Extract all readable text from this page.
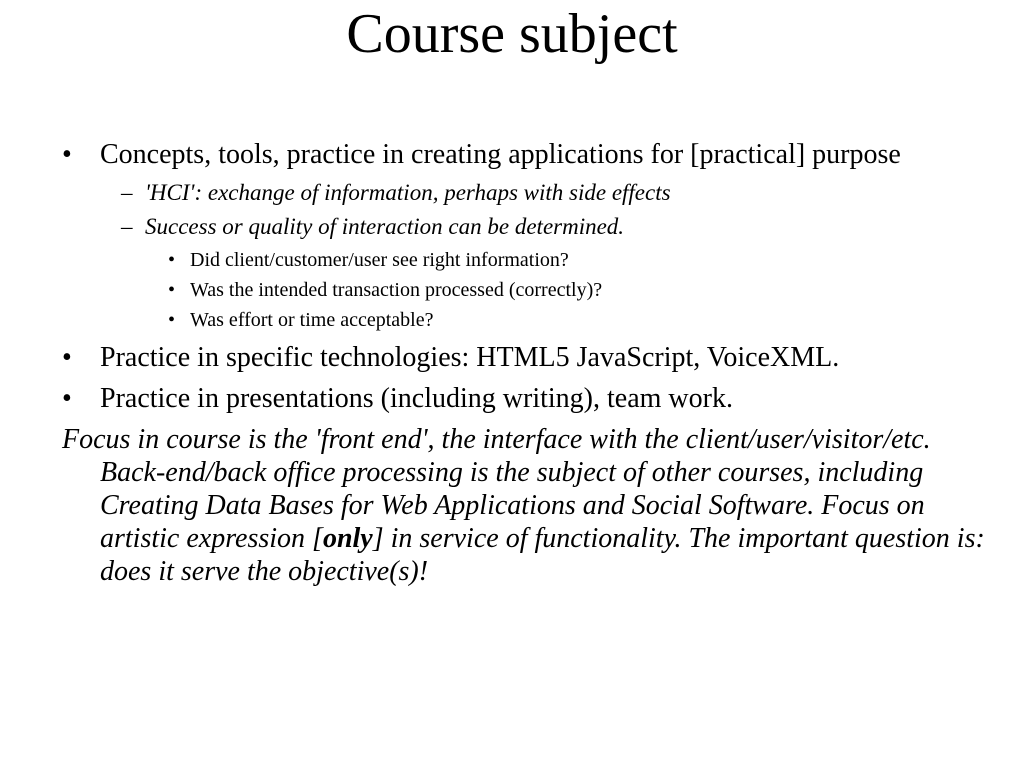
Course subject
• Concepts, tools, practice in creating applications for [practical] purpose
– 'HCI': exchange of information, perhaps with side effects
– Success or quality of interaction can be determined.
• Did client/customer/user see right information?
• Was the intended transaction processed (correctly)?
• Was effort or time acceptable?
• Practice in specific technologies: HTML5 JavaScript, VoiceXML.
• Practice in presentations (including writing), team work.

Focus in course is the 'front end', the interface with the client/user/visitor/etc. Back-end/back office processing is the subject of other courses, including Creating Data Bases for Web Applications and Social Software. Focus on artistic expression [only] in service of functionality. The important question is: does it serve the objective(s)!
